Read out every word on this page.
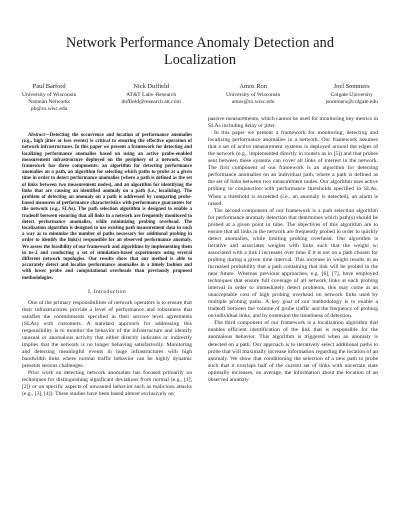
Network Performance Anomaly Detection and
Localization
Paul Barford
University of Wisconsin
Nemean Networks
pb@cs.wisc.edu
Nick Duffield
AT&T Labs–Research
duffield@research.att.com
Amos Ron
University of Wisconsin
amos@cs.wisc.edu
Joel Sommers
Colgate University
jsommers@colgate.edu

Abstract—Detecting the occurrence and location of performance anomalies (e.g., high jitter or loss events) is critical to ensuring the effective operation of network infrastructures. In this paper we present a framework for detecting and localizing performance anomalies based on using an active probe-enabled measurement infrastructure deployed on the periphery of a network. Our framework has three components: an algorithm for detecting performance anomalies on a path, an algorithm for selecting which paths to probe at a given time in order to detect performance anomalies (where a path is defined as the set of links between two measurement nodes), and an algorithm for identifying the links that are causing an identified anomaly on a path (i.e., localizing). The problem of detecting an anomaly on a path is addressed by comparing probe-based measures of performance characteristics with performance guarantees for the network (e.g., SLAs). The path selection algorithm is designed to enable a tradeoff between ensuring that all links in a network are frequently monitored to detect performance anomalies, while minimizing probing overhead. The localization algorithm is designed to use existing path measurement data in such a way as to minimize the number of paths necessary for additional probing in order to identify the link(s) responsible for an observed performance anomaly. We assess the feasibility of our framework and algorithms by implementing them in ns-2 and conducting a set of simulation-based experiments using several different network topologies. Our results show that our method is able to accurately detect and localize performance anomalies in a timely fashion and with lower probe and computational overheads than previously proposed methodologies.

I. Introduction

One of the primary responsibilities of network operators is to ensure that their infrastructures provide a level of performance and robustness that satisfies the commitments specified in their service level agreements (SLAs) with customers. A standard approach for addressing this responsibility is to monitor the behavior of the infrastructure and identify unusual or anomalous activity that either directly indicates or indirectly implies that the network is no longer behaving satisfactorily. Monitoring and detecting meaningful events in huge infrastructures with high bandwidth links where normal traffic behavior can be highly dynamic presents serious challenges.

Prior work on detecting network anomalies has focused primarily on techniques for distinguishing significant deviations from normal (e.g., [1], [2]) or on specific aspects of unwanted behavior such as malicious attacks (e.g., [3], [4]). These studies have been based almost exclusively on

passive measurements, which cannot be used for monitoring key metrics in SLAs including delay or jitter.

In this paper we present a framework for monitoring, detecting and localizing performance anomalies in a network. Our framework assumes that a set of active measurement systems is deployed around the edges of the network (e.g., implemented directly in routers as in [5]) and that probes sent between these systems can cover all links of interest in the network. The first component of our framework is an algorithm for detecting performance anomalies on an individual path, where a path is defined as the set of links between two measurement nodes. Our algorithm uses active probing in conjunction with performance thresholds specified in SLAs. When a threshold is exceeded (i.e., an anomaly is detected), an alarm is raised.

The second component of our framework is a path selection algorithm for performance anomaly detection that determines which path(s) should be probed at a given point in time. The objectives of this algorithm are to ensure that all links in the network are frequently probed in order to quickly detect anomalies, while limiting probing overhead. Our algorithm is iterative and associates weights with links such that the weight wₗ associated with a link l increases over time if it is not on a path chosen for probing during a given time interval. This increase in weight results in an increased probability that a path containing that link will be probed in the near future. Whereas previous approaches, e.g. [6], [7], have employed techniques that ensure full coverage of all network links at each probing interval in order to immediately detect problems, this may come at an unacceptable cost of high probing overhead on network links used by multiple probing paths. A key goal of our methodology is to enable a tradeoff between the volume of probe traffic and the frequency of probing on individual links, and by extension the timeliness of detection.

The third component of our framework is a localization algorithm that enables efficient identification of the link that is responsible for the anomalous behavior. This algorithm is triggered when an anomaly is detected on a path. Our approach is to iteratively select additional paths to probe that will maximally increase information regarding the location of an anomaly. We show that conditioning the selection of a new path to probe such that it overlaps half of the current set of links with uncertain state optimally increases, on average, the information about the location of an observed anomaly.
